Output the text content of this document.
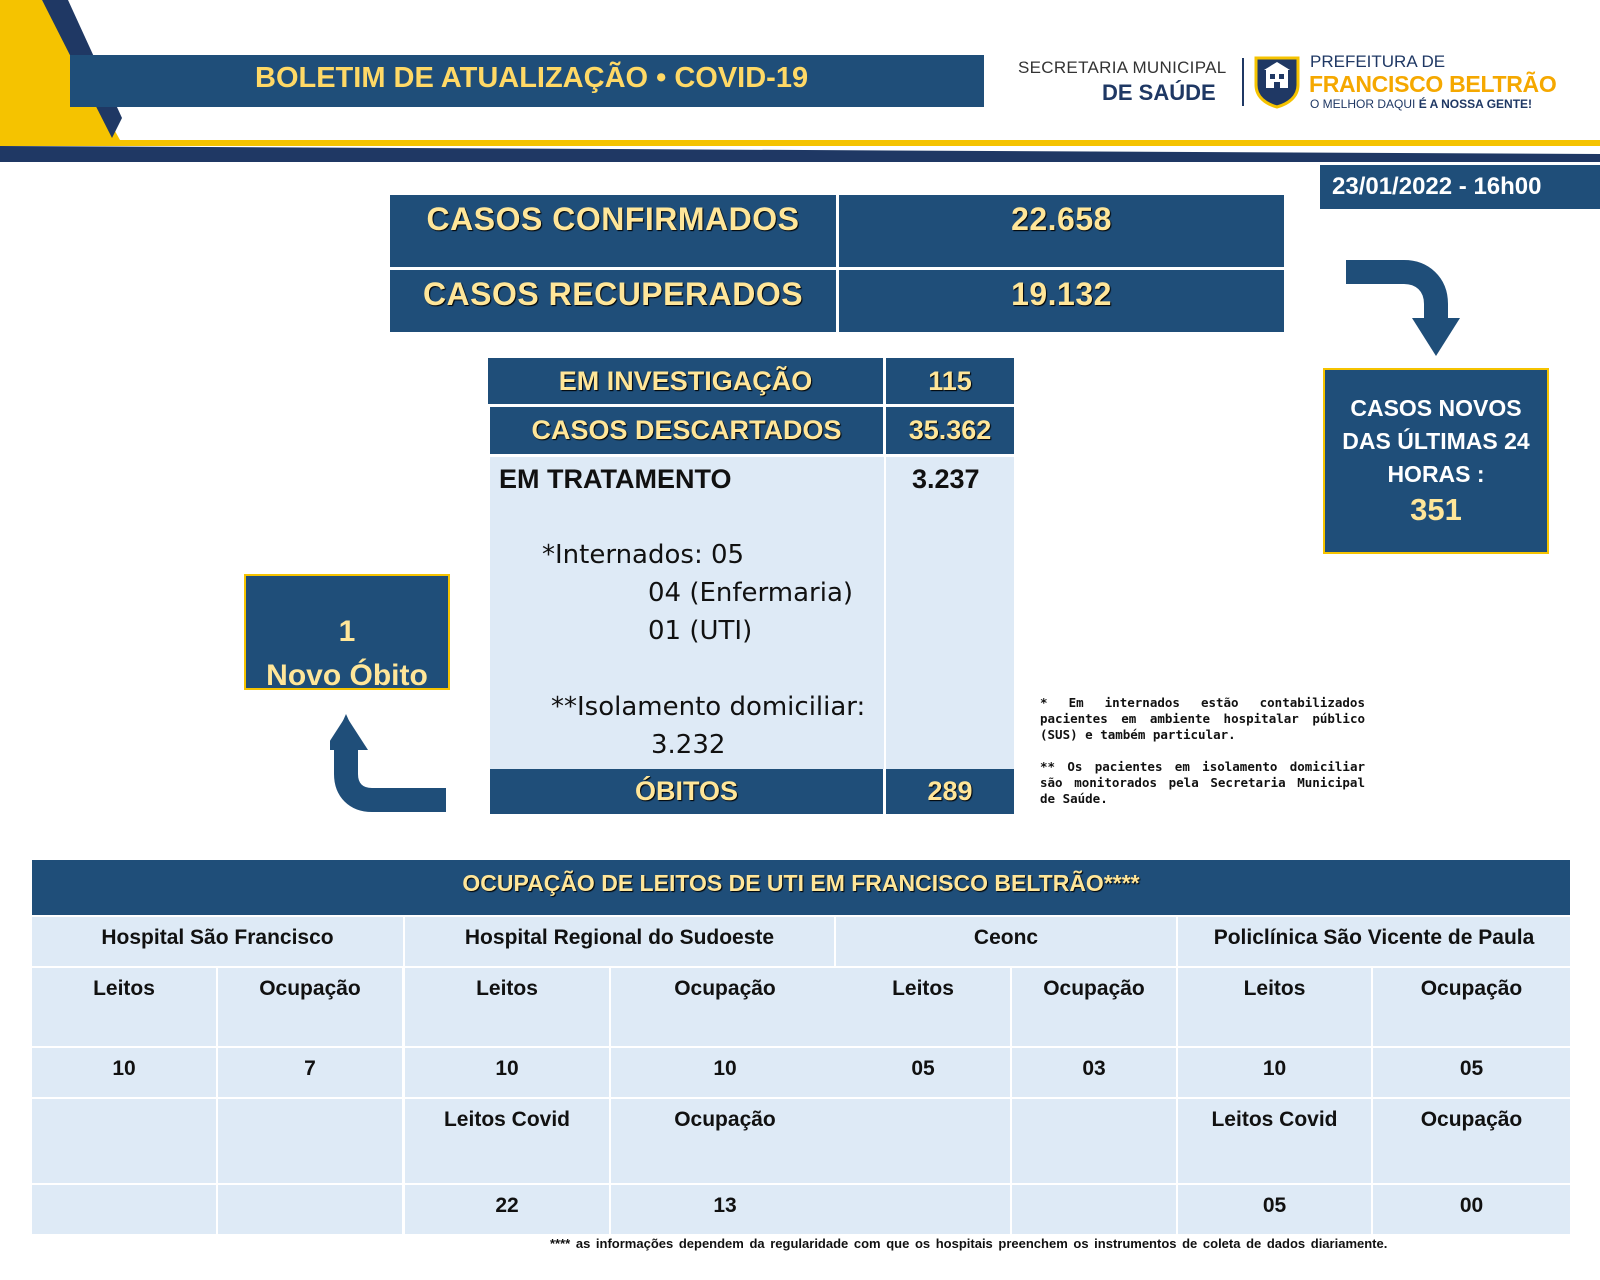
BOLETIM DE ATUALIZAÇÃO • COVID-19	SECRETARIA MUNICIPAL
DE SAÚDE
PREFEITURA DE
FRANCISCO BELTRÃO
O MELHOR DAQUI É A NOSSA GENTE!
23/01/2022 - 16h00
CASOS CONFIRMADOS	22.658
CASOS RECUPERADOS	19.132
EM INVESTIGAÇÃO	115
CASOS DESCARTADOS	35.362
EM TRATAMENTO	3.237
*Internados: 05
04 (Enfermaria)
01 (UTI)
**Isolamento domiciliar:
3.232
ÓBITOS	289
1
Novo Óbito
CASOS NOVOS
DAS ÚLTIMAS 24
HORAS :
351

* Em internados estão contabilizados pacientes em ambiente hospitalar público (SUS) e também particular.

** Os pacientes em isolamento domiciliar são monitorados pela Secretaria Municipal de Saúde.

OCUPAÇÃO DE LEITOS DE UTI EM FRANCISCO BELTRÃO****
Hospital São Francisco
Leitos	Ocupação
10	7
Hospital Regional do Sudoeste
Leitos	Ocupação
10	10
Leitos Covid	Ocupação
22	13
Ceonc
Leitos	Ocupação
05	03
Policlínica São Vicente de Paula
Leitos	Ocupação
10	05
Leitos Covid	Ocupação
05	00
**** as informações dependem da regularidade com que os hospitais preenchem os instrumentos de coleta de dados diariamente.
